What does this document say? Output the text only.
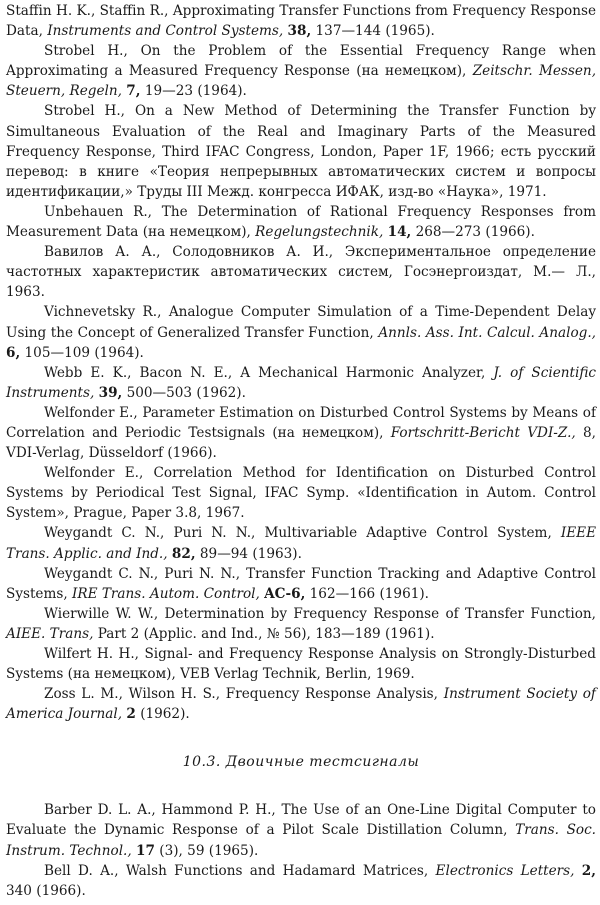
Staffin H. K., Staffin R., Approximating Transfer Functions from Frequency Response Data, Instruments and Control Systems, 38, 137—144 (1965).

Strobel H., On the Problem of the Essential Frequency Range when Approximating a Measured Frequency Response (на немецком), Zeitschr. Messen, Steuern, Regeln, 7, 19—23 (1964).

Strobel H., On a New Method of Determining the Transfer Function by Simultaneous Evaluation of the Real and Imaginary Parts of the Measured Frequency Response, Third IFAC Congress, London, Paper 1F, 1966; есть русский перевод: в книге «Теория непрерывных автоматических систем и вопросы идентификации,» Труды III Межд. конгресса ИФАК, изд-во «Наука», 1971.

Unbehauen R., The Determination of Rational Frequency Responses from Measurement Data (на немецком), Regelungstechnik, 14, 268—273 (1966).

Вавилов А. А., Солодовников А. И., Экспериментальное определение частотных характеристик автоматических систем, Госэнергоиздат, М.— Л., 1963.

Vichnevetsky R., Analogue Computer Simulation of a Time-Dependent Delay Using the Concept of Generalized Transfer Function, Annls. Ass. Int. Calcul. Analog., 6, 105—109 (1964).

Webb E. K., Bacon N. E., A Mechanical Harmonic Analyzer, J. of Scientific Instruments, 39, 500—503 (1962).

Welfonder E., Parameter Estimation on Disturbed Control Systems by Means of Correlation and Periodic Testsignals (на немецком), Fortschritt-Bericht VDI-Z., 8, VDI-Verlag, Düsseldorf (1966).

Welfonder E., Correlation Method for Identification on Disturbed Control Systems by Periodical Test Signal, IFAC Symp. «Identification in Autom. Control System», Prague, Paper 3.8, 1967.

Weygandt C. N., Puri N. N., Multivariable Adaptive Control System, IEEE Trans. Applic. and Ind., 82, 89—94 (1963).

Weygandt C. N., Puri N. N., Transfer Function Tracking and Adaptive Control Systems, IRE Trans. Autom. Control, AC-6, 162—166 (1961).

Wierwille W. W., Determination by Frequency Response of Transfer Function, AIEE. Trans, Part 2 (Applic. and Ind., № 56), 183—189 (1961).

Wilfert H. H., Signal- and Frequency Response Analysis on Strongly-Disturbed Systems (на немецком), VEB Verlag Technik, Berlin, 1969.

Zoss L. M., Wilson H. S., Frequency Response Analysis, Instrument Society of America Journal, 2 (1962).

10.3. Двоичные тестсигналы

Barber D. L. A., Hammond P. H., The Use of an One-Line Digital Computer to Evaluate the Dynamic Response of a Pilot Scale Distillation Column, Trans. Soc. Instrum. Technol., 17 (3), 59 (1965).

Bell D. A., Walsh Functions and Hadamard Matrices, Electronics Letters, 2, 340 (1966).
